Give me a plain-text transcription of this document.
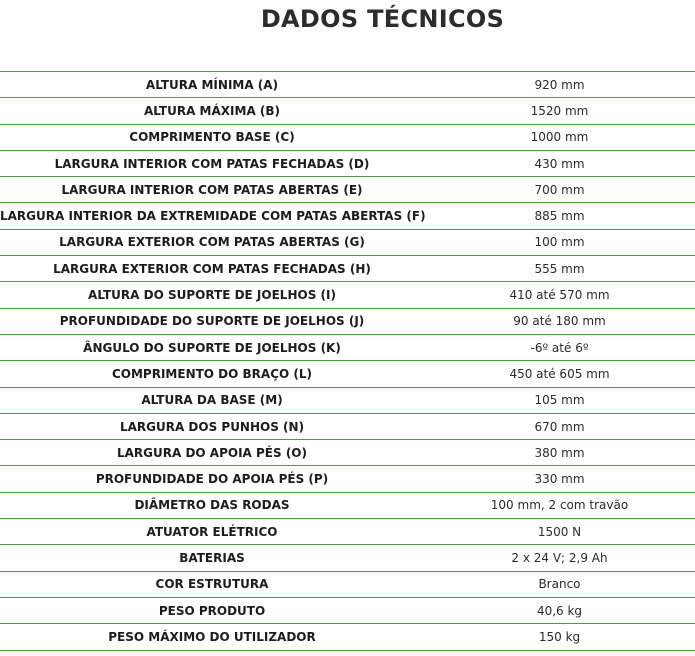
DADOS TÉCNICOS
ALTURA MÍNIMA (A)	920 mm
ALTURA MÁXIMA (B)	1520 mm
COMPRIMENTO BASE (C)	1000 mm
LARGURA INTERIOR COM PATAS FECHADAS (D)	430 mm
LARGURA INTERIOR COM PATAS ABERTAS (E)	700 mm
LARGURA INTERIOR DA EXTREMIDADE COM PATAS ABERTAS (F)	885 mm
LARGURA EXTERIOR COM PATAS ABERTAS (G)	100 mm
LARGURA EXTERIOR COM PATAS FECHADAS (H)	555 mm
ALTURA DO SUPORTE DE JOELHOS (I)	410 até 570 mm
PROFUNDIDADE DO SUPORTE DE JOELHOS (J)	90 até 180 mm
ÂNGULO DO SUPORTE DE JOELHOS (K)	-6º até 6º
COMPRIMENTO DO BRAÇO (L)	450 até 605 mm
ALTURA DA BASE (M)	105 mm
LARGURA DOS PUNHOS (N)	670 mm
LARGURA DO APOIA PÉS (O)	380 mm
PROFUNDIDADE DO APOIA PÉS (P)	330 mm
DIÂMETRO DAS RODAS	100 mm, 2 com travão
ATUATOR ELÉTRICO	1500 N
BATERIAS	2 x 24 V; 2,9 Ah
COR ESTRUTURA	Branco
PESO PRODUTO	40,6 kg
PESO MÁXIMO DO UTILIZADOR	150 kg
